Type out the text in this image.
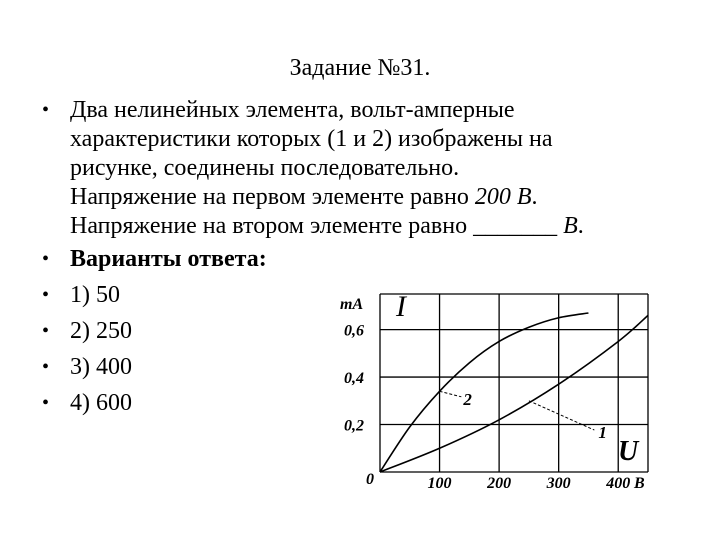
Задание №31.
• Два нелинейных элемента, вольт-амперные
характеристики которых (1 и 2) изображены на
рисунке, соединены последовательно.
Напряжение на первом элементе равно 200 В.
Напряжение на втором элементе равно _______ В.
• Варианты ответа:
• 1) 50
• 2) 250
• 3) 400
• 4) 600	2
1
mA I
U
0,2
0,4
0,6
0	100 200 300 400 B
